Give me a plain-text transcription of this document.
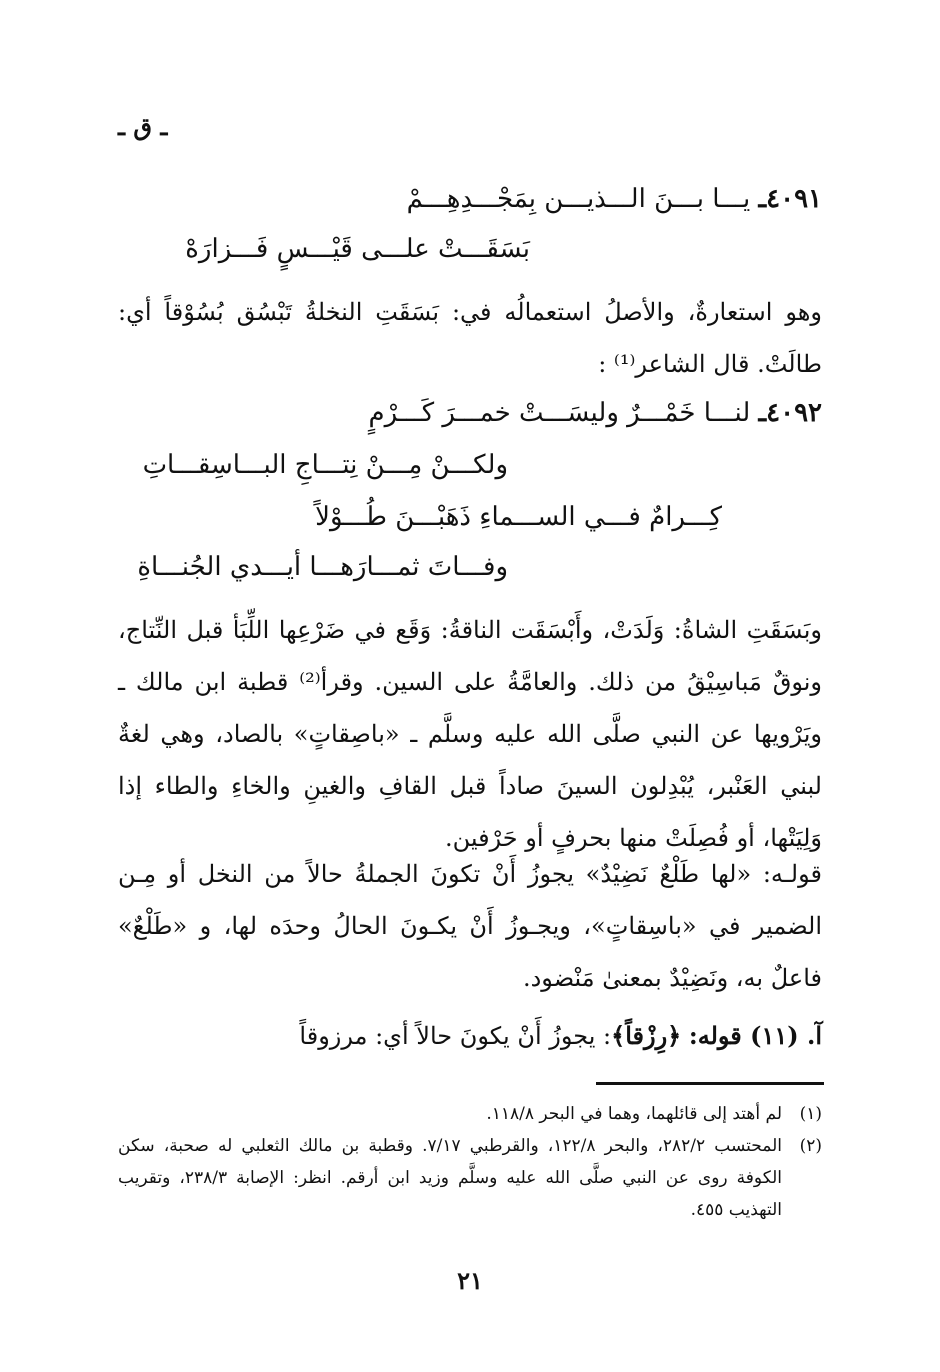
ـ ق ـ
٤٠٩١ـ يـــا بـــنَ الـــذيـــن بِمَجْـــدِهِـــمْ
بَسَقَـــتْ علـــى قَيْـــسٍ فَـــزارَهْ

وهو استعارةٌ، والأصلُ استعمالُه في: بَسَقَتِ النخلةُ تَبْسُق بُسُوْقاً أي: طالَتْ. قال الشاعر⁽¹⁾ :

٤٠٩٢ـ لنـــا خَمْـــرٌ وليسَـــتْ خمـــرَ كَـــرْمٍ
ولكـــنْ مِـــنْ نِتـــاجِ البـــاسِقـــاتِ
كِـــرامٌ فـــي الســـماءِ ذَهَبْـــنَ طُـــوْلاً
وفـــاتَ ثمـــارَهـــا أيـــدي الجُنـــاةِ

وبَسَقَتِ الشاةُ: وَلَدَتْ، وأَبْسَقَت الناقةُ: وَقَع في ضَرْعِها اللِّبَأ قبل النِّتاج، ونوقٌ مَباسِيْقُ من ذلك. والعامَّةُ على السين. وقرأ⁽²⁾ قطبة ابن مالك ـ ويَرْويها عن النبي صلَّى الله عليه وسلَّم ـ «باصِقاتٍ» بالصاد، وهي لغةٌ لبني العَنْبر، يُبْدِلون السينَ صاداً قبل القافِ والغينِ والخاءِ والطاء إذا وَلِيَتْها، أو فُصِلَتْ منها بحرفٍ أو حَرْفين.

قولـه: «لها طَلْعٌ نَضِيْدٌ» يجوزُ أَنْ تكونَ الجملةُ حالاً من النخل أو مِـن الضمير في «باسِقاتٍ»، ويجـوزُ أَنْ يكـونَ الحالُ وحدَه لها، و «طَلْعٌ» فاعلٌ به، ونَضِيْدٌ بمعنىٰ مَنْضود.

آ. (١١) قوله: ﴿رِزْقاً﴾: يجوزُ أَنْ يكونَ حالاً أي: مرزوقاً

(١)
لم أهتد إلى قائلهما، وهما في البحر ١١٨/٨.
(٢)
المحتسب ٢٨٢/٢، والبحر ١٢٢/٨، والقرطبي ٧/١٧. وقطبة بن مالك الثعلبي له صحبة، سكن الكوفة روى عن النبي صلَّى الله عليه وسلَّم وزيد ابن أرقم. انظر: الإصابة ٢٣٨/٣، وتقريب التهذيب ٤٥٥.
٢١
